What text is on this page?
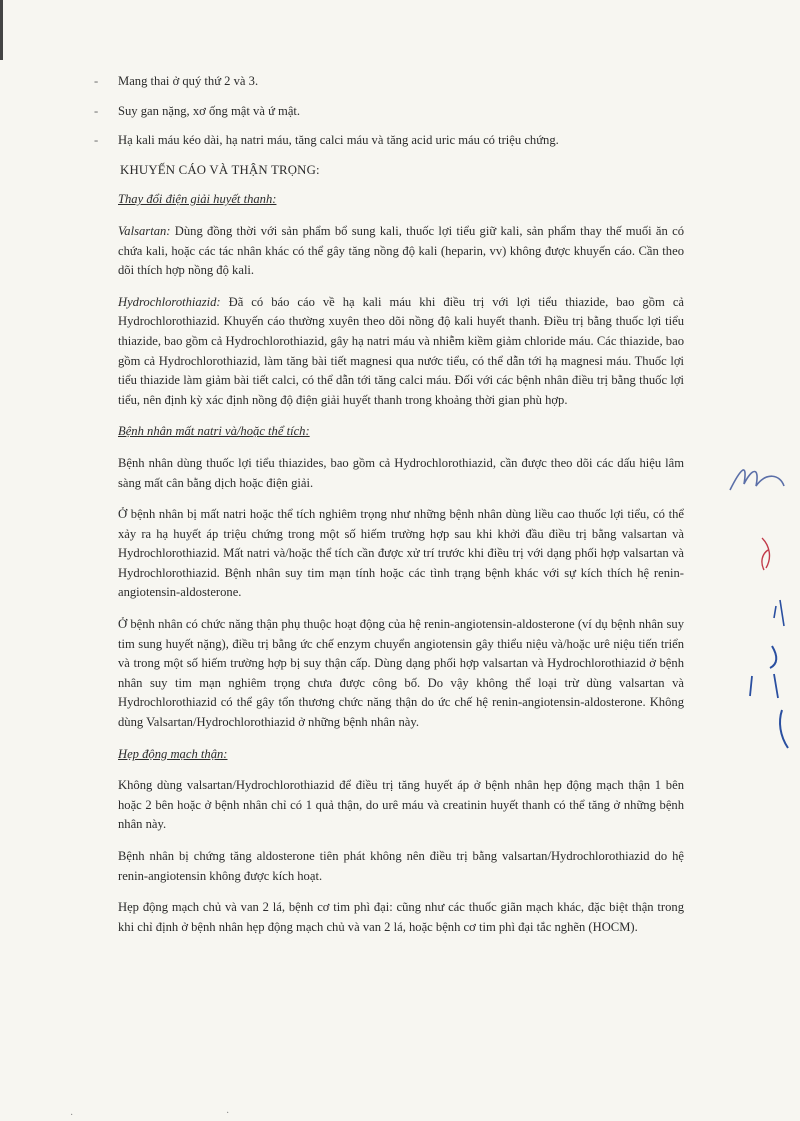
- Mang thai ở quý thứ 2 và 3.
- Suy gan nặng, xơ ống mật và ứ mật.
- Hạ kali máu kéo dài, hạ natri máu, tăng calci máu và tăng acid uric máu có triệu chứng.
KHUYẾN CÁO VÀ THẬN TRỌNG:
Thay đổi điện giải huyết thanh:

Valsartan: Dùng đồng thời với sản phẩm bổ sung kali, thuốc lợi tiểu giữ kali, sản phẩm thay thế muối ăn có chứa kali, hoặc các tác nhân khác có thể gây tăng nồng độ kali (heparin, vv) không được khuyến cáo. Cần theo dõi thích hợp nồng độ kali.

Hydrochlorothiazid: Đã có báo cáo về hạ kali máu khi điều trị với lợi tiểu thiazide, bao gồm cả Hydrochlorothiazid. Khuyến cáo thường xuyên theo dõi nồng độ kali huyết thanh. Điều trị bằng thuốc lợi tiểu thiazide, bao gồm cả Hydrochlorothiazid, gây hạ natri máu và nhiễm kiềm giảm chloride máu. Các thiazide, bao gồm cả Hydrochlorothiazid, làm tăng bài tiết magnesi qua nước tiểu, có thể dẫn tới hạ magnesi máu. Thuốc lợi tiểu thiazide làm giảm bài tiết calci, có thể dẫn tới tăng calci máu. Đối với các bệnh nhân điều trị bằng thuốc lợi tiểu, nên định kỳ xác định nồng độ điện giải huyết thanh trong khoảng thời gian phù hợp.

Bệnh nhân mất natri và/hoặc thể tích:

Bệnh nhân dùng thuốc lợi tiểu thiazides, bao gồm cả Hydrochlorothiazid, cần được theo dõi các dấu hiệu lâm sàng mất cân bằng dịch hoặc điện giải.

Ở bệnh nhân bị mất natri hoặc thể tích nghiêm trọng như những bệnh nhân dùng liều cao thuốc lợi tiểu, có thể xảy ra hạ huyết áp triệu chứng trong một số hiếm trường hợp sau khi khởi đầu điều trị bằng valsartan và Hydrochlorothiazid. Mất natri và/hoặc thể tích cần được xử trí trước khi điều trị với dạng phối hợp valsartan và Hydrochlorothiazid. Bệnh nhân suy tim mạn tính hoặc các tình trạng bệnh khác với sự kích thích hệ renin-angiotensin-aldosterone.

Ở bệnh nhân có chức năng thận phụ thuộc hoạt động của hệ renin-angiotensin-aldosterone (ví dụ bệnh nhân suy tim sung huyết nặng), điều trị bằng ức chế enzym chuyển angiotensin gây thiểu niệu và/hoặc urê niệu tiến triển và trong một số hiếm trường hợp bị suy thận cấp. Dùng dạng phối hợp valsartan và Hydrochlorothiazid ở bệnh nhân suy tim mạn nghiêm trọng chưa được công bố. Do vậy không thể loại trừ dùng valsartan và Hydrochlorothiazid có thể gây tổn thương chức năng thận do ức chế hệ renin-angiotensin-aldosterone. Không dùng Valsartan/Hydrochlorothiazid ở những bệnh nhân này.

Hẹp động mạch thận:

Không dùng valsartan/Hydrochlorothiazid để điều trị tăng huyết áp ở bệnh nhân hẹp động mạch thận 1 bên hoặc 2 bên hoặc ở bệnh nhân chỉ có 1 quả thận, do urê máu và creatinin huyết thanh có thể tăng ở những bệnh nhân này.

Bệnh nhân bị chứng tăng aldosterone tiên phát không nên điều trị bằng valsartan/Hydrochlorothiazid do hệ renin-angiotensin không được kích hoạt.

Hẹp động mạch chủ và van 2 lá, bệnh cơ tim phì đại: cũng như các thuốc giãn mạch khác, đặc biệt thận trong khi chỉ định ở bệnh nhân hẹp động mạch chủ và van 2 lá, hoặc bệnh cơ tim phì đại tắc nghẽn (HOCM).

·	·
